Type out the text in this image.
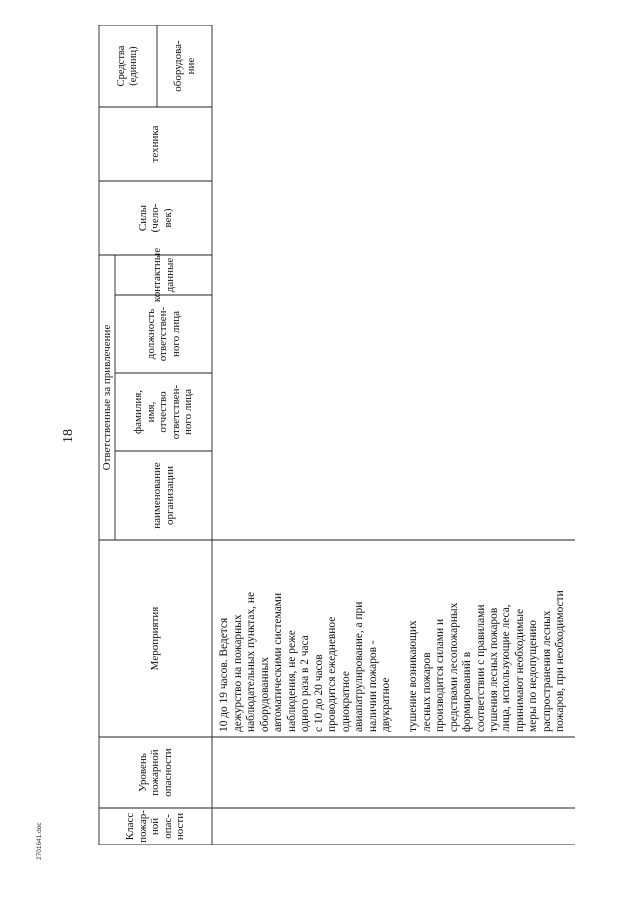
18
Класс
пожар-
ной
опас-
ности
Уровень
пожарной
опасности
Мероприятия
Ответственные за привлечение
наименование
организации
фамилия,
имя,
отчество
ответствен-
ного лица
должность
ответствен-
ного лица
контактные
данные
Силы
(чело-
век)
Средства
(единиц)	оборудова-
ние
техника
10 до 19 часов. Ведется
дежурство на пожарных
наблюдательных пунктах, не
оборудованных
автоматическими системами
наблюдения, не реже
одного раза в 2 часа
с 10 до 20 часов
проводится ежедневное
однократное
авиапатрулирование, а при
наличии пожаров -
двукратное тушение возникающих
лесных пожаров
производится силами и
средствами лесопожарных
формирований в
соответствии с правилами
тушения лесных пожаров
лица, использующие леса,
принимают необходимые
меры по недопущению
распространения лесных
пожаров, при необходимости
2701641.doc
